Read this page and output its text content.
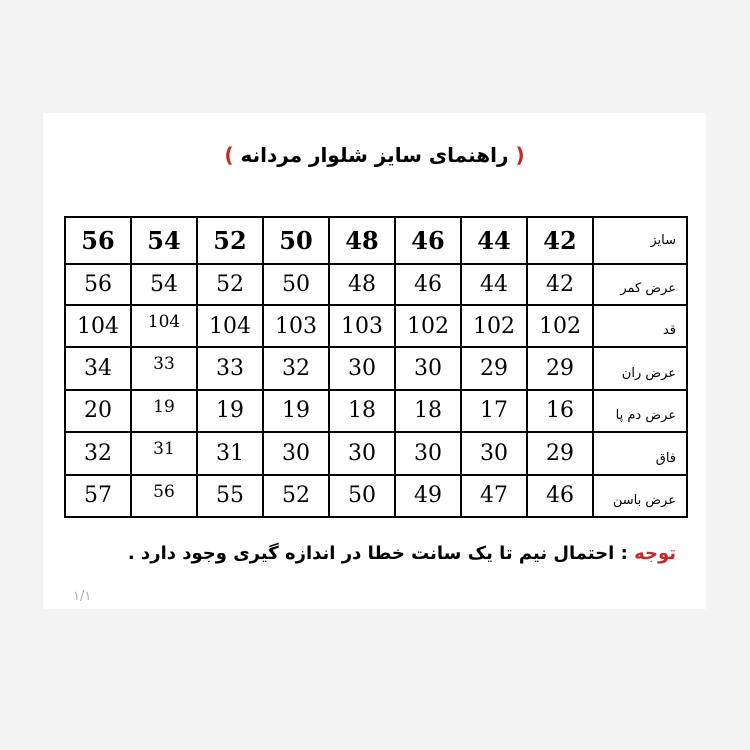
( راهنمای سایز شلوار مردانه )
56	54	52	50	48	46	44	42	سایز
56	54	52	50	48	46	44	42	عرض کمر
104	104	104	103	103	102	102	102	قد
34	33	33	32	30	30	29	29	عرض ران
20	19	19	19	18	18	17	16	عرض دم پا
32	31	31	30	30	30	30	29	فاق
57	56	55	52	50	49	47	46	عرض باسن
توجه : احتمال نیم تا یک سانت خطا در اندازه گیری وجود دارد .
۱/۱
